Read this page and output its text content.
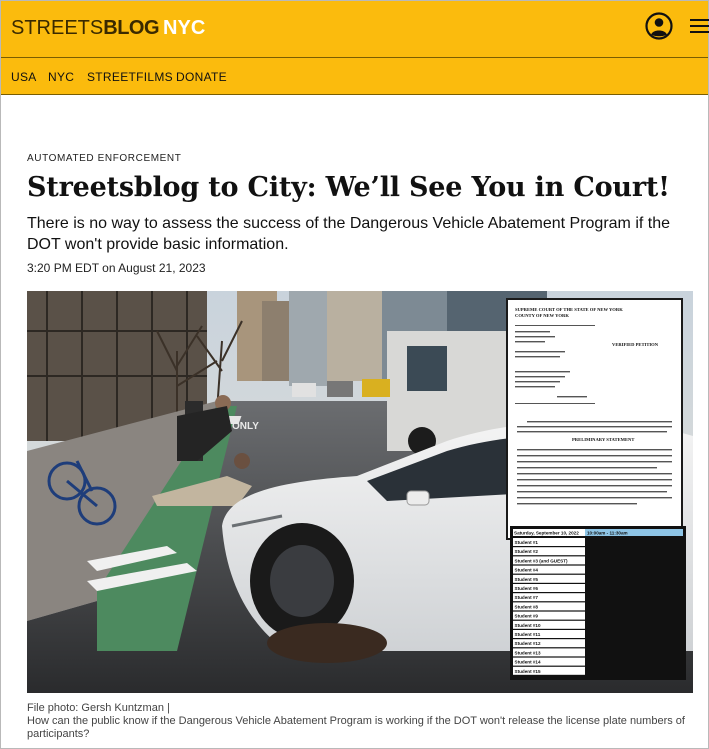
STREETSBLOG NYC
USA NYC STREETFILMS DONATE
AUTOMATED ENFORCEMENT
Streetsblog to City: We’ll See You in Court!

There is no way to assess the success of the Dangerous Vehicle Abatement Program if the DOT won't provide basic information.

3:20 PM EDT on August 21, 2023
ONLY
SUPREME COURT OF THE STATE OF NEW YORK
COUNTY OF NEW YORK
VERIFIED PETITION
PRELIMINARY STATEMENT
Saturday, September 10, 2022 10:00am - 11:30am
Student #1
Student #2
Student #3 (and GUEST)
Student #4
Student #5
Student #6
Student #7
Student #8
Student #9
Student #10
Student #11
Student #12
Student #13
Student #14
Student #15
File photo: Gersh Kuntzman |

How can the public know if the Dangerous Vehicle Abatement Program is working if the DOT won't release the license plate numbers of participants?
